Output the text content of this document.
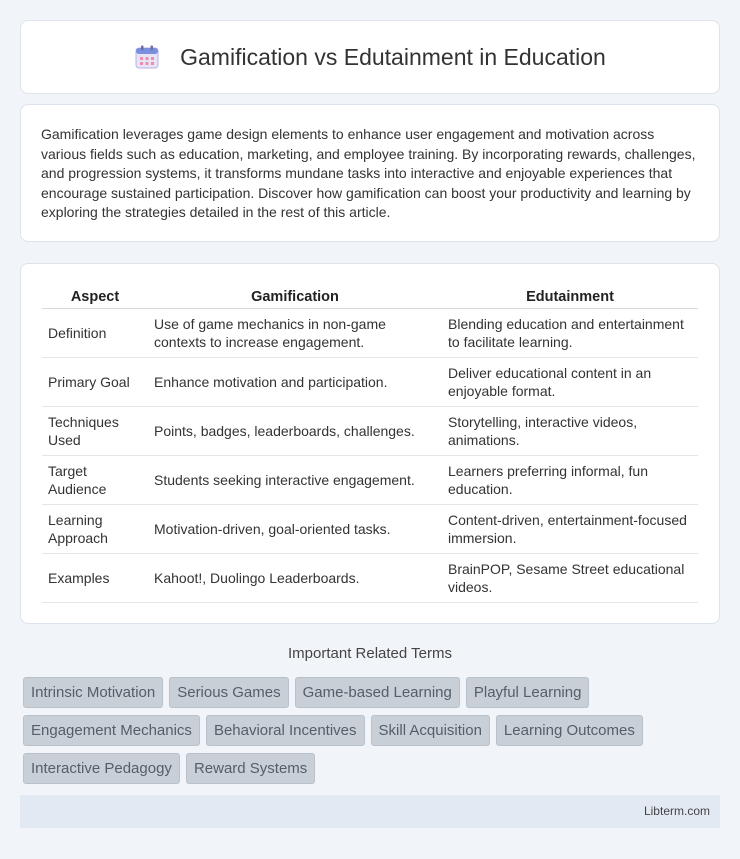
Gamification vs Edutainment in Education

Gamification leverages game design elements to enhance user engagement and motivation across various fields such as education, marketing, and employee training. By incorporating rewards, challenges, and progression systems, it transforms mundane tasks into interactive and enjoyable experiences that encourage sustained participation. Discover how gamification can boost your productivity and learning by exploring the strategies detailed in the rest of this article.

Aspect	Gamification	Edutainment
Definition	Use of game mechanics in non-game contexts to increase engagement.	Blending education and entertainment to facilitate learning.
Primary Goal	Enhance motivation and participation.	Deliver educational content in an enjoyable format.
Techniques Used	Points, badges, leaderboards, challenges.	Storytelling, interactive videos, animations.
Target Audience	Students seeking interactive engagement.	Learners preferring informal, fun education.
Learning Approach	Motivation-driven, goal-oriented tasks.	Content-driven, entertainment-focused immersion.
Examples	Kahoot!, Duolingo Leaderboards.	BrainPOP, Sesame Street educational videos.
Important Related Terms
Intrinsic Motivation	Serious Games	Game-based Learning	Playful Learning
Engagement Mechanics	Behavioral Incentives	Skill Acquisition	Learning Outcomes
Interactive Pedagogy	Reward Systems
Libterm.com
